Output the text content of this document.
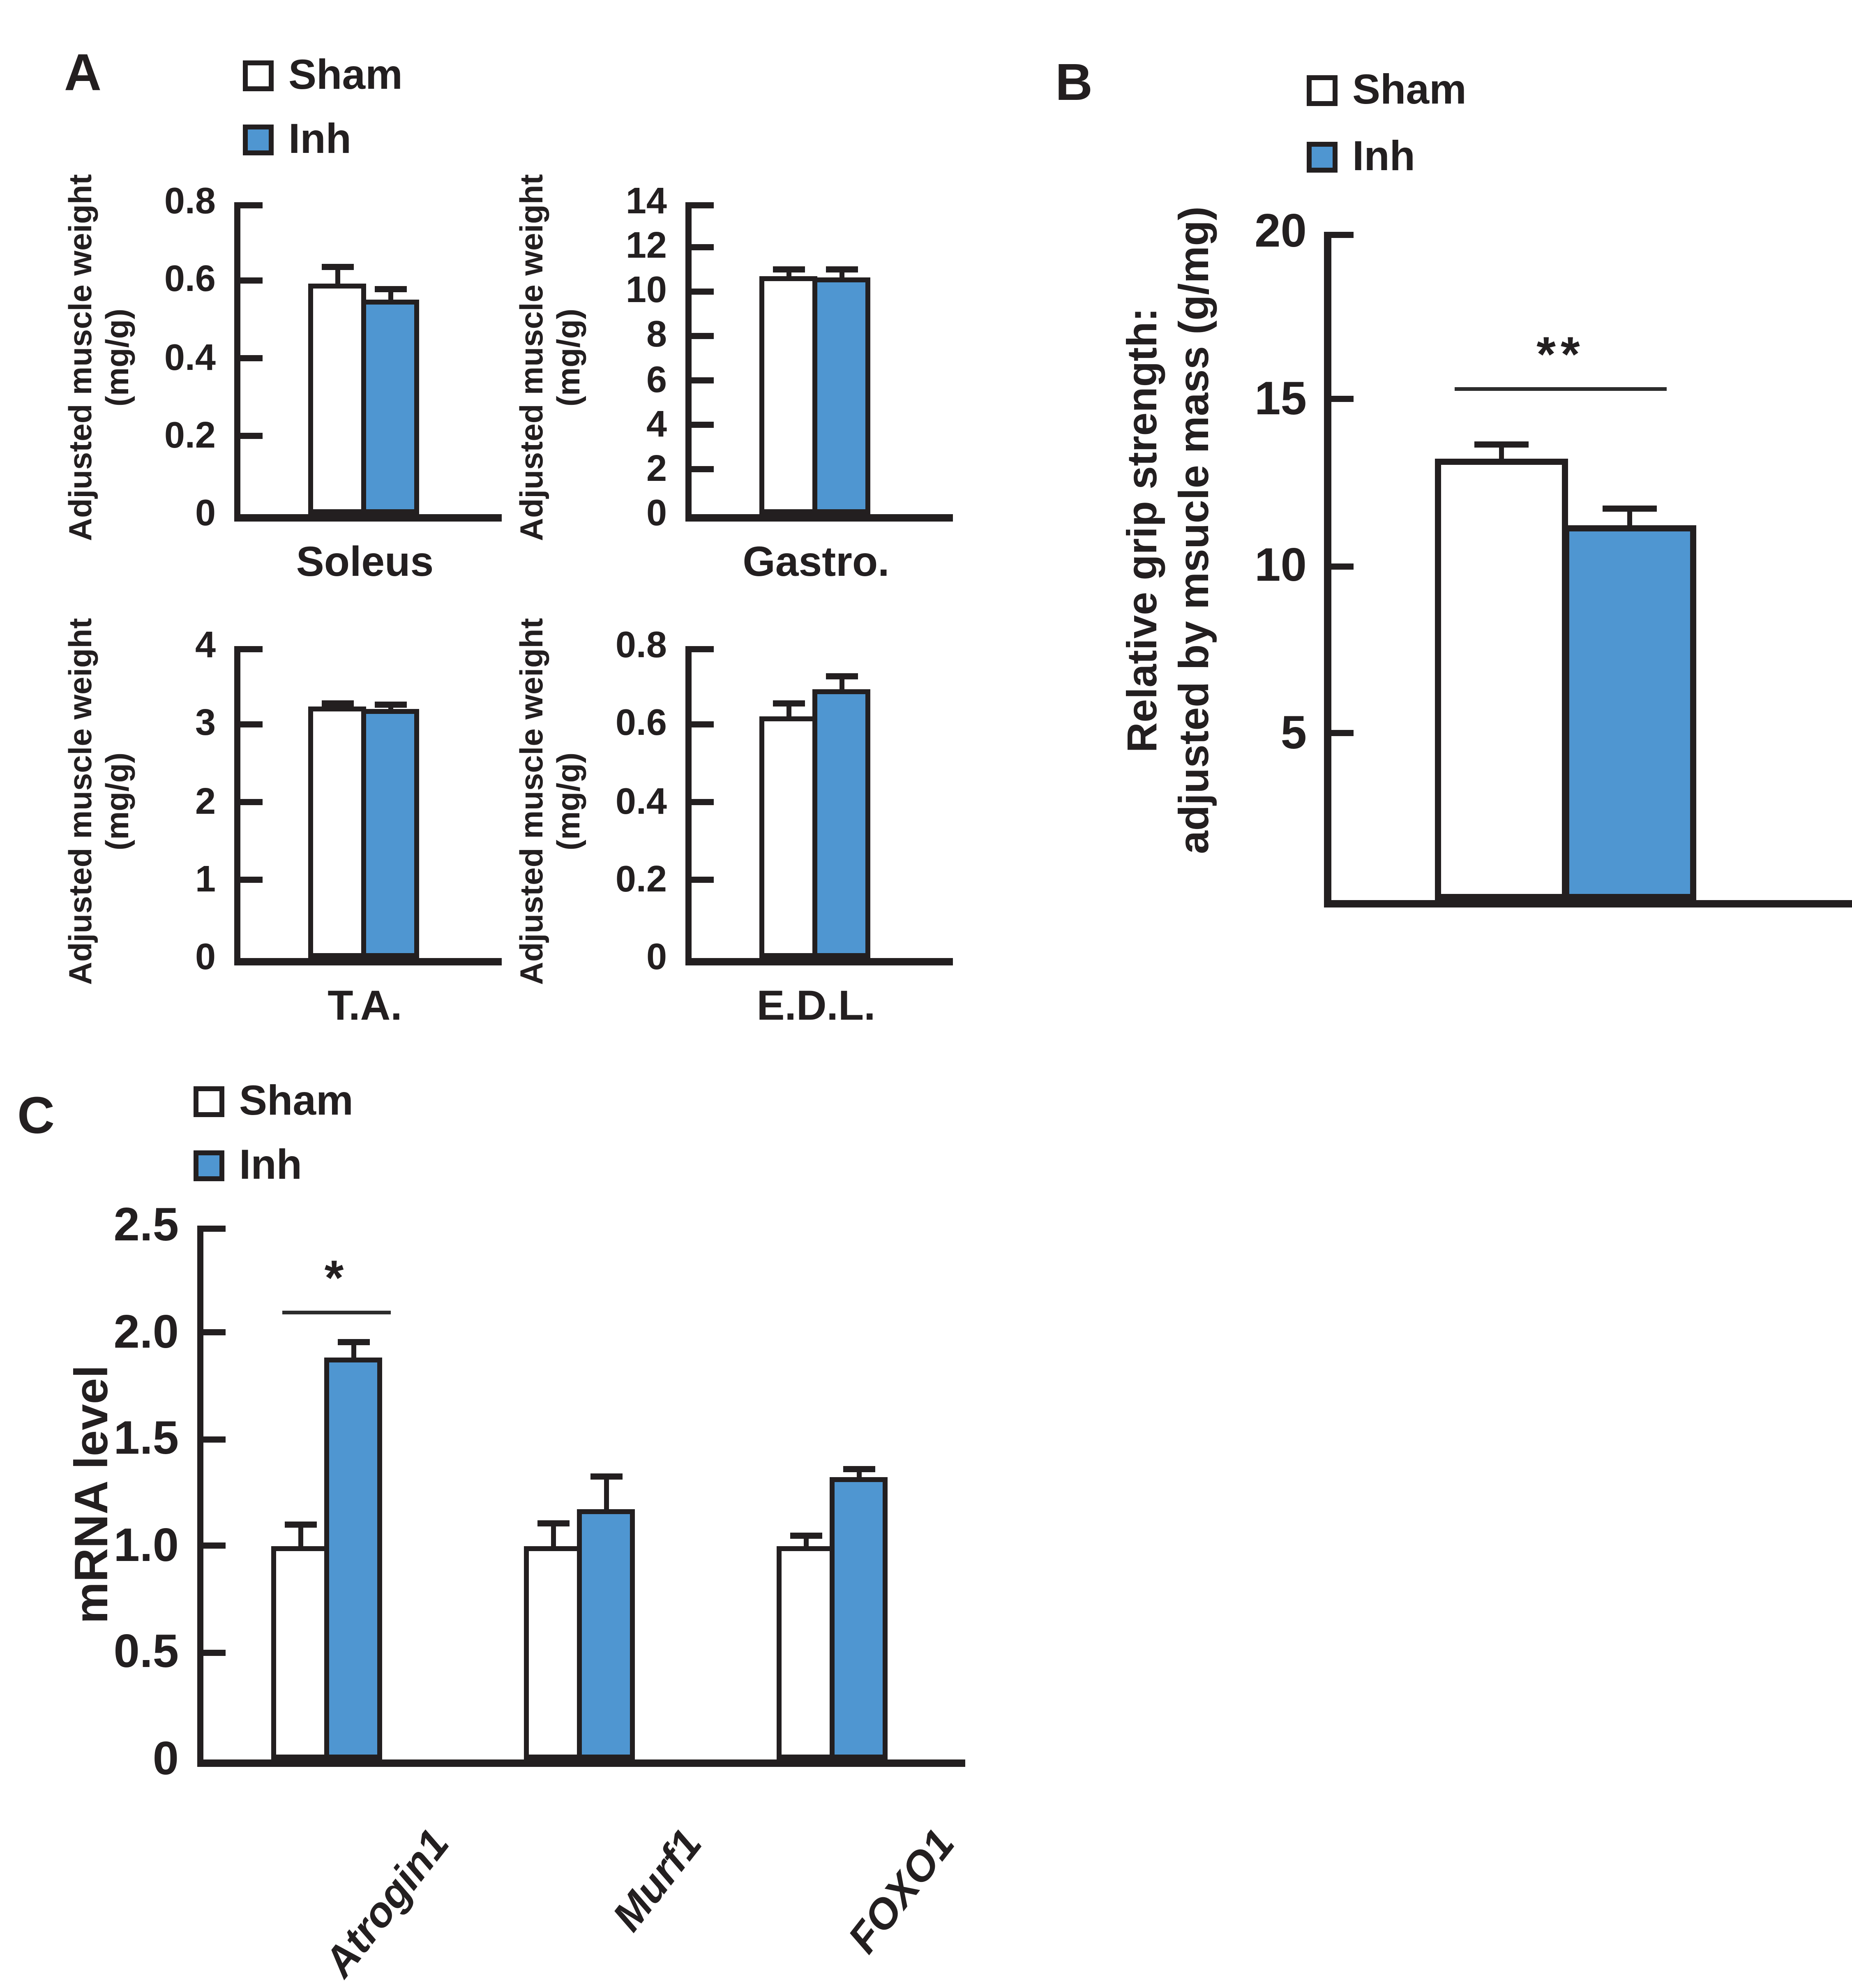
A	Sham
Inh
Adjusted muscle weight
(mg/g)
0.8
0.6
0.4
0.2
0
Soleus
Adjusted muscle weight
(mg/g)
14
12
10
8
6
4
2
0
Gastro.
Adjusted muscle weight
(mg/g)
4
3
2
1
0
T.A.
Adjusted muscle weight
(mg/g)
0.8
0.6
0.4
0.2
0
E.D.L.
B	Sham
Inh
Relative grip strength: adjusted by msucle mass (g/mg)	20
15
10
5
**
C	Sham
Inh
mRNA level
2.5
2.0
1.5
1.0
0.5
0
*
Atrogin1	Murf1	FOXO1
